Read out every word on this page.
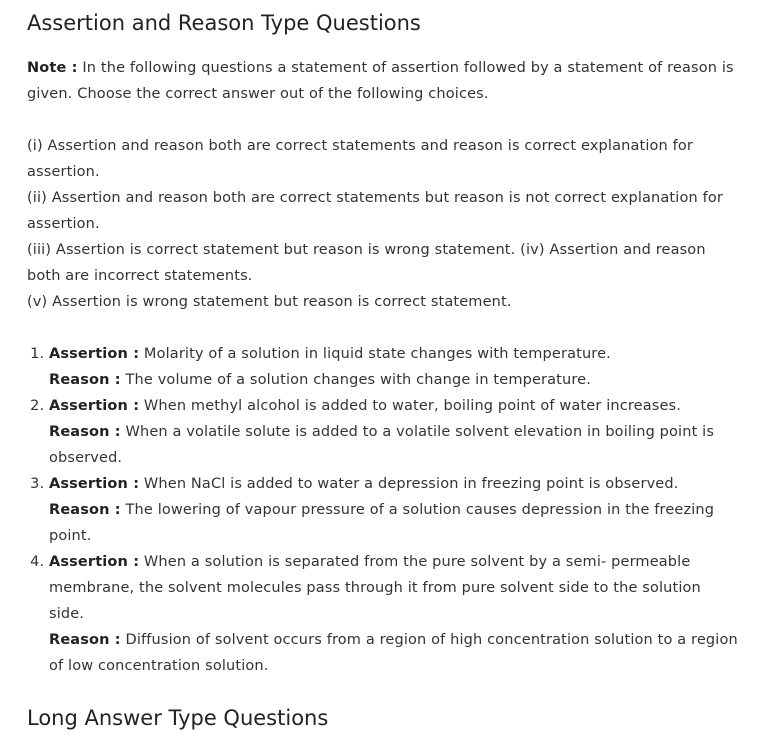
Assertion and Reason Type Questions

Note : In the following questions a statement of assertion followed by a statement of reason is given. Choose the correct answer out of the following choices.

(i) Assertion and reason both are correct statements and reason is correct explanation for assertion.
(ii) Assertion and reason both are correct statements but reason is not correct explanation for assertion.
(iii) Assertion is correct statement but reason is wrong statement. (iv) Assertion and reason both are incorrect statements.
(v) Assertion is wrong statement but reason is correct statement.

1. Assertion : Molarity of a solution in liquid state changes with temperature.
Reason : The volume of a solution changes with change in temperature.
2. Assertion : When methyl alcohol is added to water, boiling point of water increases.
Reason : When a volatile solute is added to a volatile solvent elevation in boiling point is observed.
3. Assertion : When NaCl is added to water a depression in freezing point is observed.
Reason : The lowering of vapour pressure of a solution causes depression in the freezing point.
4. Assertion : When a solution is separated from the pure solvent by a semi- permeable membrane, the solvent molecules pass through it from pure solvent side to the solution side.
Reason : Diffusion of solvent occurs from a region of high concentration solution to a region of low concentration solution.
Long Answer Type Questions
